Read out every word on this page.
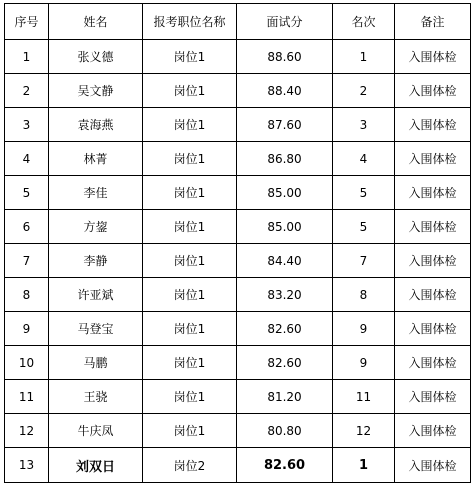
序号	姓名	报考职位名称	面试分	名次	备注
1	张义德	岗位1	88.60	1	入围体检
2	吴文静	岗位1	88.40	2	入围体检
3	袁海燕	岗位1	87.60	3	入围体检
4	林菁	岗位1	86.80	4	入围体检
5	李佳	岗位1	85.00	5	入围体检
6	方鋆	岗位1	85.00	5	入围体检
7	李静	岗位1	84.40	7	入围体检
8	许亚斌	岗位1	83.20	8	入围体检
9	马登宝	岗位1	82.60	9	入围体检
10	马鹏	岗位1	82.60	9	入围体检
11	王骁	岗位1	81.20	11	入围体检
12	牛庆凤	岗位1	80.80	12	入围体检
13	刘双日	岗位2	82.60	1	入围体检
